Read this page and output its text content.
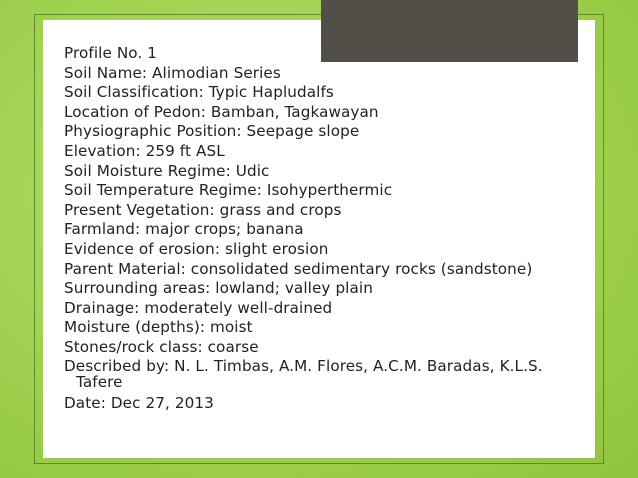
Profile No. 1
Soil Name: Alimodian Series
Soil Classification: Typic Hapludalfs
Location of Pedon: Bamban, Tagkawayan
Physiographic Position: Seepage slope
Elevation: 259 ft ASL
Soil Moisture Regime: Udic
Soil Temperature Regime: Isohyperthermic
Present Vegetation: grass and crops
Farmland: major crops; banana
Evidence of erosion: slight erosion
Parent Material: consolidated sedimentary rocks (sandstone)
Surrounding areas: lowland; valley plain
Drainage: moderately well-drained
Moisture (depths): moist
Stones/rock class: coarse
Described by: N. L. Timbas, A.M. Flores, A.C.M. Baradas, K.L.S. Tafere
Date: Dec 27, 2013
